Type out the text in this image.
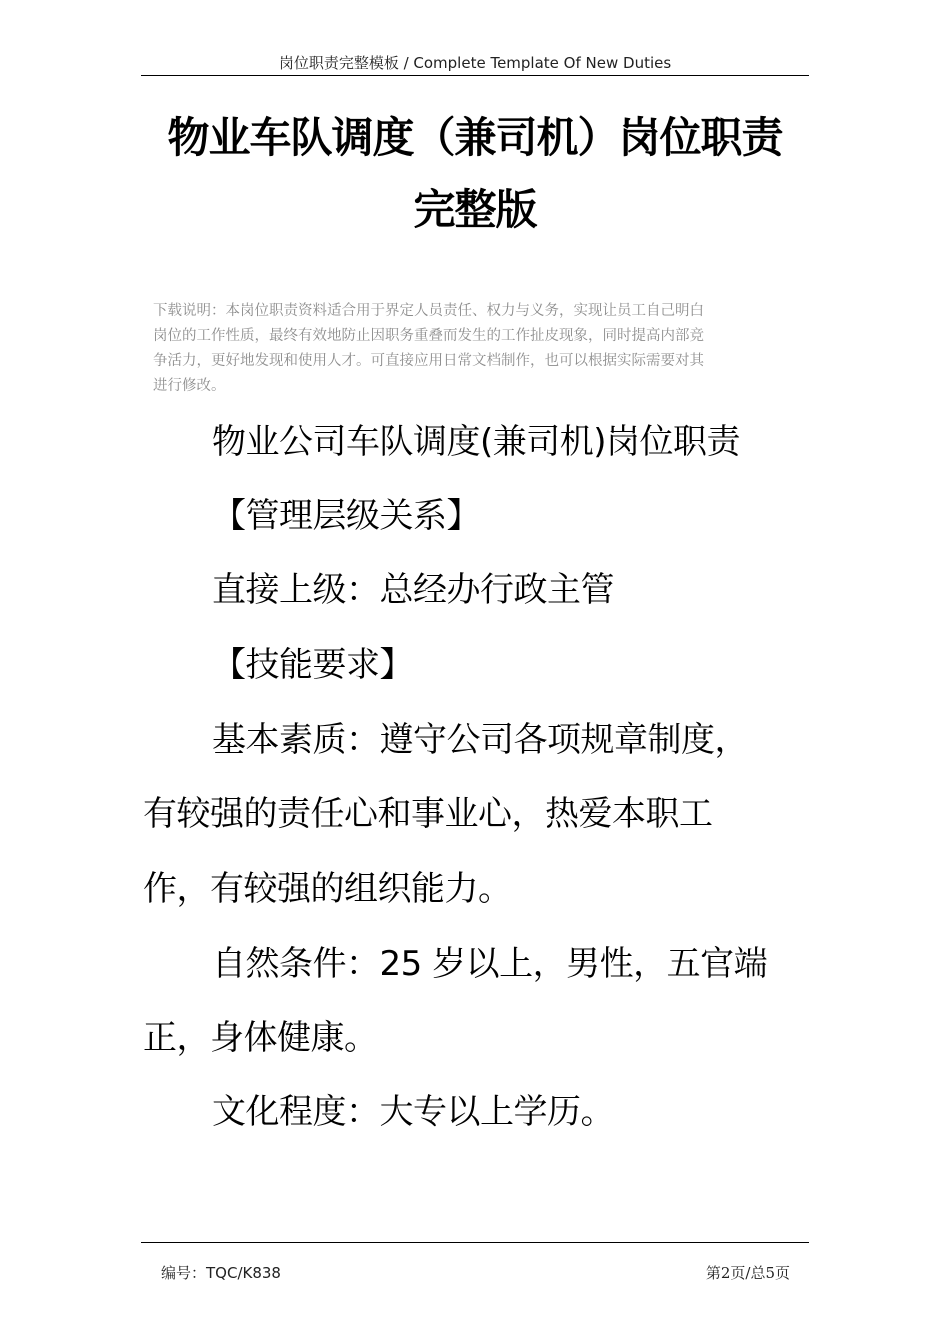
岗位职责完整模板 / Complete Template Of New Duties
物业车队调度（兼司机）岗位职责
完整版
下载说明：本岗位职责资料适合用于界定人员责任、权力与义务，实现让员工自己明白
岗位的工作性质，最终有效地防止因职务重叠而发生的工作扯皮现象，同时提高内部竞
争活力，更好地发现和使用人才。可直接应用日常文档制作，也可以根据实际需要对其
进行修改。
物业公司车队调度(兼司机)岗位职责
【管理层级关系】
直接上级：总经办行政主管
【技能要求】
基本素质：遵守公司各项规章制度，
有较强的责任心和事业心，热爱本职工
作，有较强的组织能力。
自然条件：25 岁以上，男性，五官端
正，身体健康。
文化程度：大专以上学历。
编号：TQC/K838	第2页/总5页
